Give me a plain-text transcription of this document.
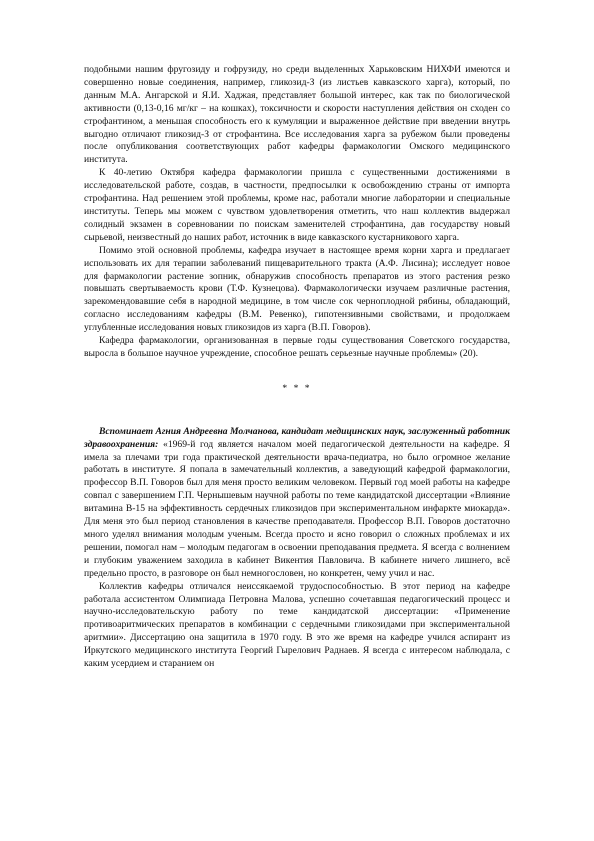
подобными нашим фругозиду и гофрузиду, но среди выделенных Харьковским НИХФИ имеются и совершенно новые соединения, например, гликозид-З (из листьев кавказского харга), который, по данным М.А. Ангарской и Я.И. Хаджая, представляет большой интерес, как так по биологической активности (0,13-0,16 мг/кг – на кошках), токсичности и скорости наступления действия он сходен со строфантином, а меньшая способность его к кумуляции и выраженное действие при введении внутрь выгодно отличают гликозид-З от строфантина. Все исследования харга за рубежом были проведены после опубликования соответствующих работ кафедры фармакологии Омского медицинского института.

К 40-летию Октября кафедра фармакологии пришла с существенными достижениями в исследовательской работе, создав, в частности, предпосылки к освобождению страны от импорта строфантина. Над решением этой проблемы, кроме нас, работали многие лаборатории и специальные институты. Теперь мы можем с чувством удовлетворения отметить, что наш коллектив выдержал солидный экзамен в соревновании по поискам заменителей строфантина, дав государству новый сырьевой, неизвестный до наших работ, источник в виде кавказского кустарникового харга.

Помимо этой основной проблемы, кафедра изучает в настоящее время корни харга и предлагает использовать их для терапии заболеваний пищеварительного тракта (А.Ф. Лисина); исследует новое для фармакологии растение зопник, обнаружив способность препаратов из этого растения резко повышать свертываемость крови (Т.Ф. Кузнецова). Фармакологически изучаем различные растения, зарекомендовавшие себя в народной медицине, в том числе сок черноплодной рябины, обладающий, согласно исследованиям кафедры (В.М. Ревенко), гипотензивными свойствами, и продолжаем углубленные исследования новых гликозидов из харга (В.П. Говоров).

Кафедра фармакологии, организованная в первые годы существования Советского государства, выросла в большое научное учреждение, способное решать серьезные научные проблемы» (20).

* * *

Вспоминает Агния Андреевна Молчанова, кандидат медицинских наук, заслуженный работник здравоохранения: «1969-й год является началом моей педагогической деятельности на кафедре. Я имела за плечами три года практической деятельности врача-педиатра, но было огромное желание работать в институте. Я попала в замечательный коллектив, а заведующий кафедрой фармакологии, профессор В.П. Говоров был для меня просто великим человеком. Первый год моей работы на кафедре совпал с завершением Г.П. Чернышевым научной работы по теме кандидатской диссертации «Влияние витамина В-15 на эффективность сердечных гликозидов при экспериментальном инфаркте миокарда». Для меня это был период становления в качестве преподавателя. Профессор В.П. Говоров достаточно много уделял внимания молодым ученым. Всегда просто и ясно говорил о сложных проблемах и их решении, помогал нам – молодым педагогам в освоении преподавания предмета. Я всегда с волнением и глубоким уважением заходила в кабинет Викентия Павловича. В кабинете ничего лишнего, всё предельно просто, в разговоре он был немногословен, но конкретен, чему учил и нас.

Коллектив кафедры отличался неиссякаемой трудоспособностью. В этот период на кафедре работала ассистентом Олимпиада Петровна Малова, успешно сочетавшая педагогический процесс и научно-исследовательскую работу по теме кандидатской диссертации: «Применение противоаритмических препаратов в комбинации с сердечными гликозидами при экспериментальной аритмии». Диссертацию она защитила в 1970 году. В это же время на кафедре учился аспирант из Иркутского медицинского института Георгий Гырелович Раднаев. Я всегда с интересом наблюдала, с каким усердием и старанием он
